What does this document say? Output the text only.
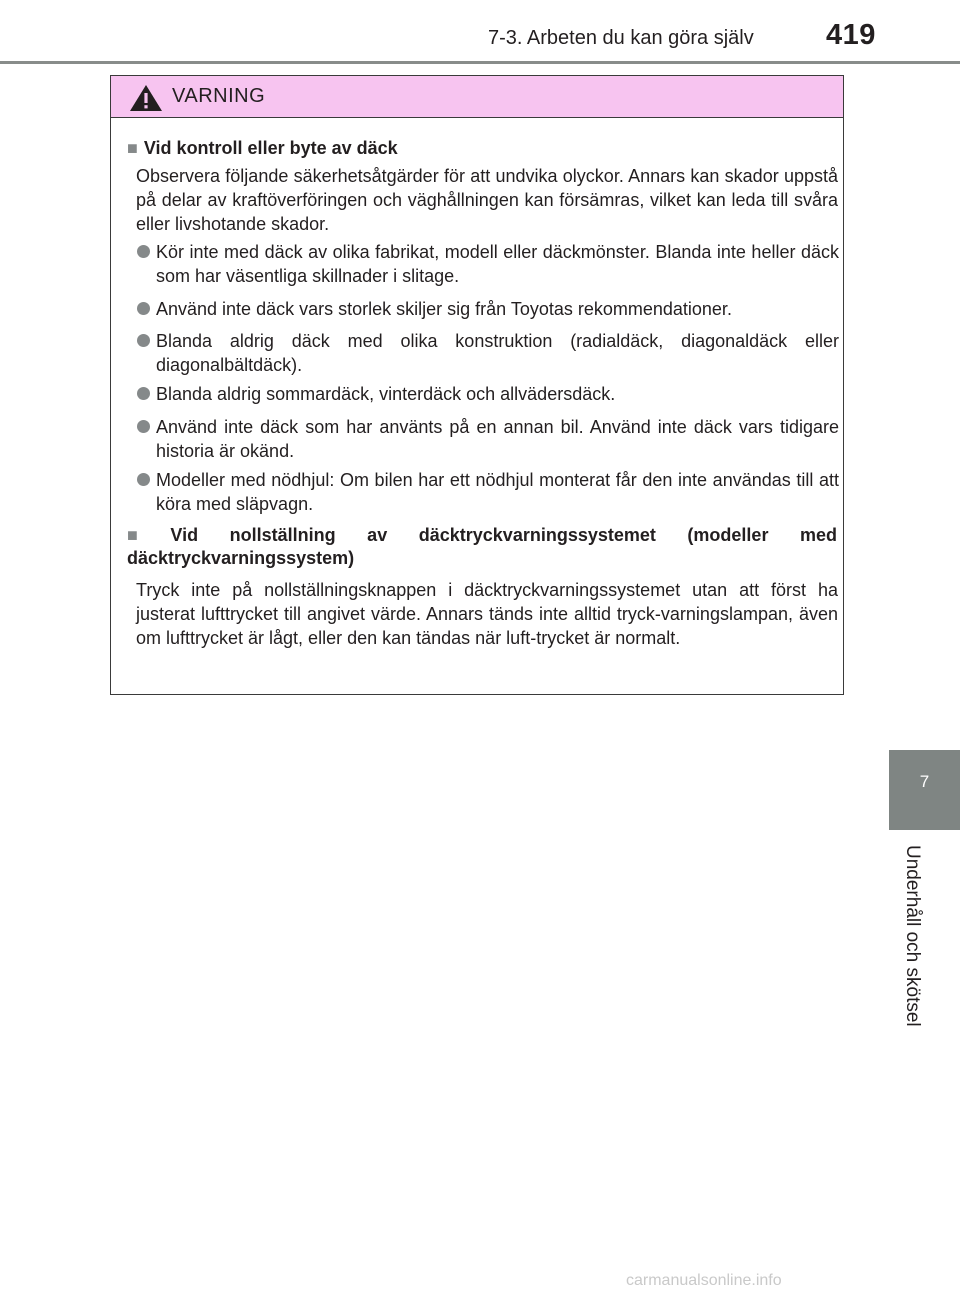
7-3. Arbeten du kan göra själv 419
VARNING
■ Vid kontroll eller byte av däck
Observera följande säkerhetsåtgärder för att undvika olyckor. Annars kan skador uppstå på delar av kraftöverföringen och väghållningen kan försämras, vilket kan leda till svåra eller livshotande skador.
Kör inte med däck av olika fabrikat, modell eller däckmönster. Blanda inte heller däck som har väsentliga skillnader i slitage.
Använd inte däck vars storlek skiljer sig från Toyotas rekommendationer.
Blanda aldrig däck med olika konstruktion (radialdäck, diagonaldäck eller diagonalbältdäck).
Blanda aldrig sommardäck, vinterdäck och allvädersdäck.
Använd inte däck som har använts på en annan bil. Använd inte däck vars tidigare historia är okänd.
Modeller med nödhjul: Om bilen har ett nödhjul monterat får den inte användas till att köra med släpvagn.
■ Vid nollställning av däcktryckvarningssystemet (modeller med däcktryckvarningssystem)
Tryck inte på nollställningsknappen i däcktryckvarningssystemet utan att först ha justerat lufttrycket till angivet värde. Annars tänds inte alltid tryck-varningslampan, även om lufttrycket är lågt, eller den kan tändas när luft-trycket är normalt.
7
Underhåll och skötsel
carmanualsonline.info
